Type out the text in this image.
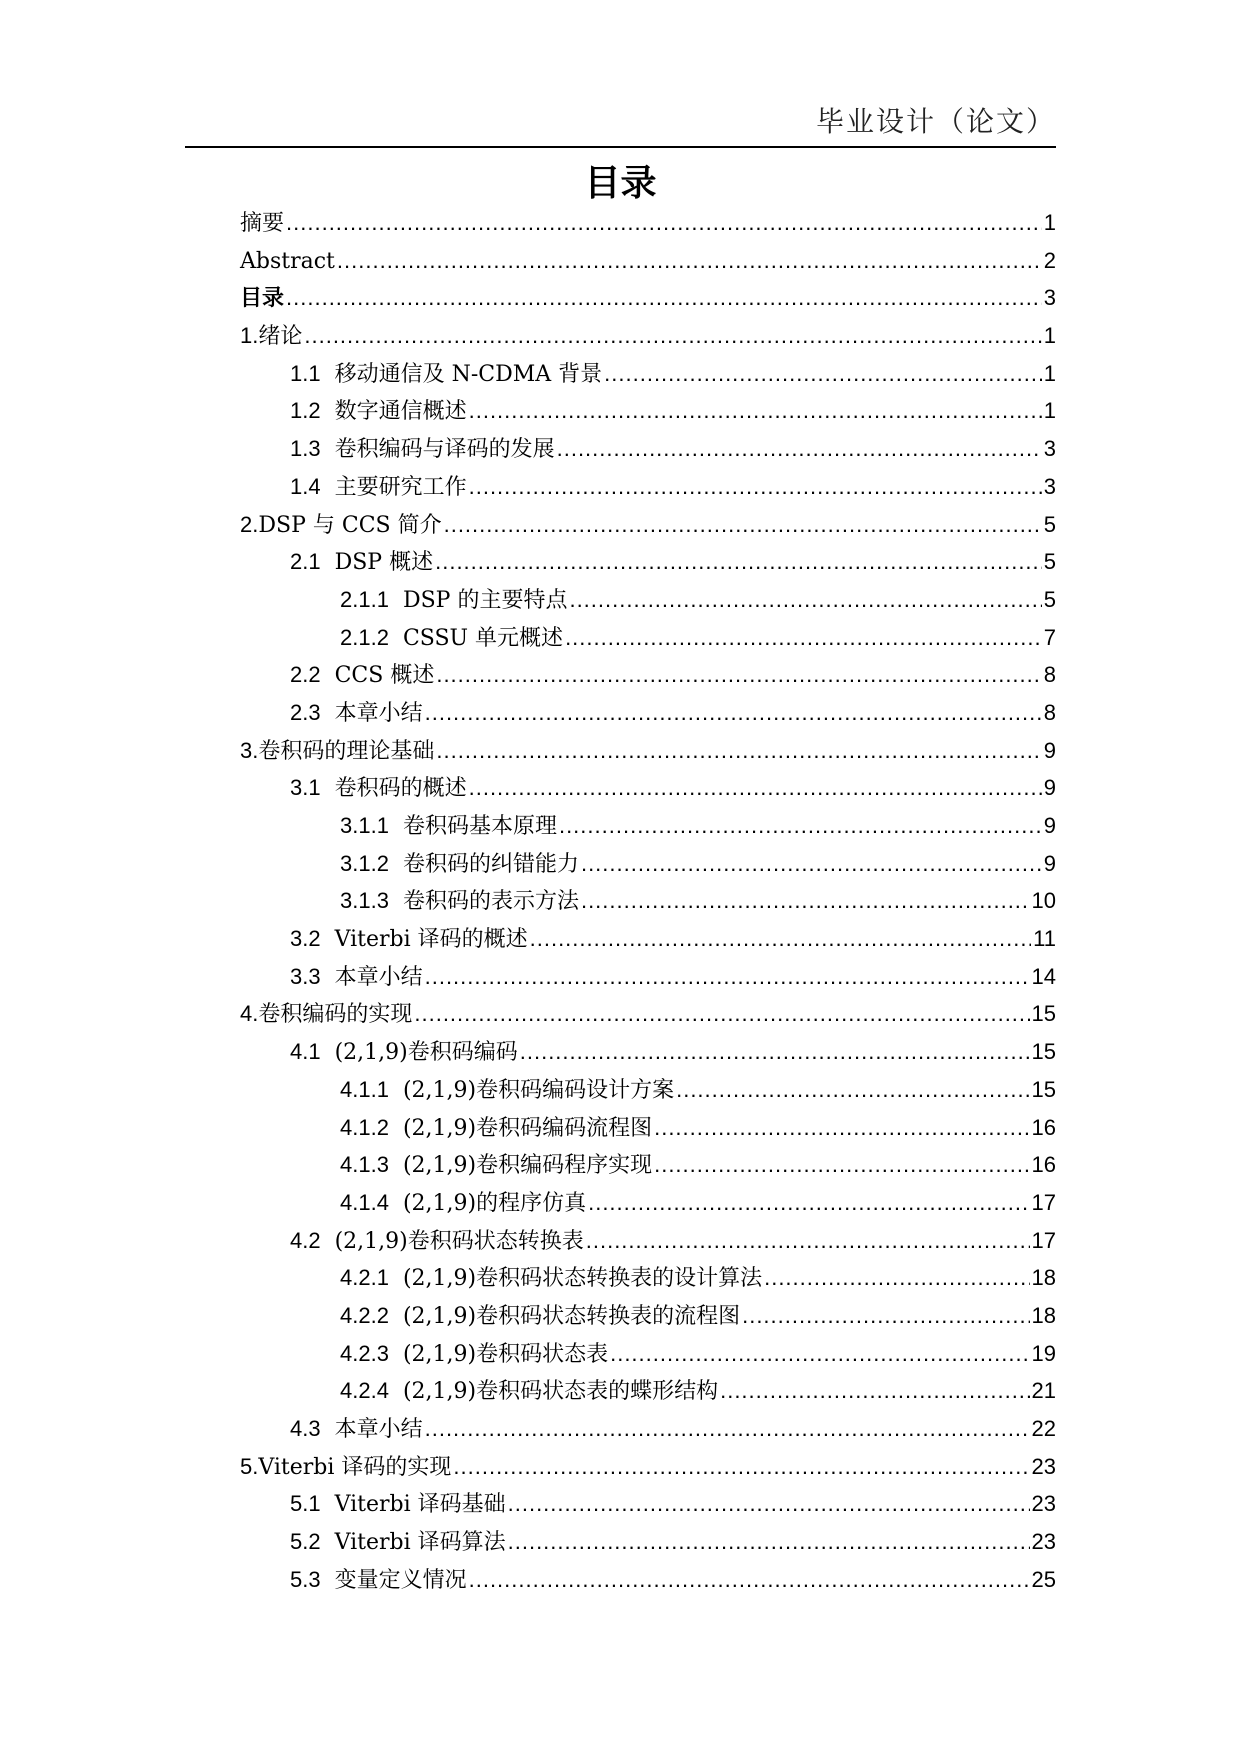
毕业设计（论文）
目录
摘要 .....	1
Abstract .....	2
目录 .....	3
1. 绪论 .....	1
1.1 移动通信及 N-CDMA 背景 .....	1
1.2 数字通信概述 .....	1
1.3 卷积编码与译码的发展 .....	3
1.4 主要研究工作 .....	3
2. DSP 与 CCS 简介 .....	5
2.1 DSP 概述 .....	5
2.1.1 DSP 的主要特点 .....	5
2.1.2 CSSU 单元概述 .....	7
2.2 CCS 概述 .....	8
2.3 本章小结 .....	8
3. 卷积码的理论基础 .....	9
3.1 卷积码的概述 .....	9
3.1.1 卷积码基本原理 .....	9
3.1.2 卷积码的纠错能力 .....	9
3.1.3 卷积码的表示方法 .....	10
3.2 Viterbi 译码的概述 .....	11
3.3 本章小结 .....	14
4. 卷积编码的实现 .....	15
4.1 (2,1,9)卷积码编码 .....	15
4.1.1 (2,1,9)卷积码编码设计方案 .....	15
4.1.2 (2,1,9)卷积码编码流程图 .....	16
4.1.3 (2,1,9)卷积编码程序实现 .....	16
4.1.4 (2,1,9)的程序仿真 .....	17
4.2 (2,1,9)卷积码状态转换表 .....	17
4.2.1 (2,1,9)卷积码状态转换表的设计算法 .....	18
4.2.2 (2,1,9)卷积码状态转换表的流程图 .....	18
4.2.3 (2,1,9)卷积码状态表 .....	19
4.2.4 (2,1,9)卷积码状态表的蝶形结构 .....	21
4.3 本章小结 .....	22
5. Viterbi 译码的实现 .....	23
5.1 Viterbi 译码基础 .....	23
5.2 Viterbi 译码算法 .....	23
5.3 变量定义情况 .....	25
